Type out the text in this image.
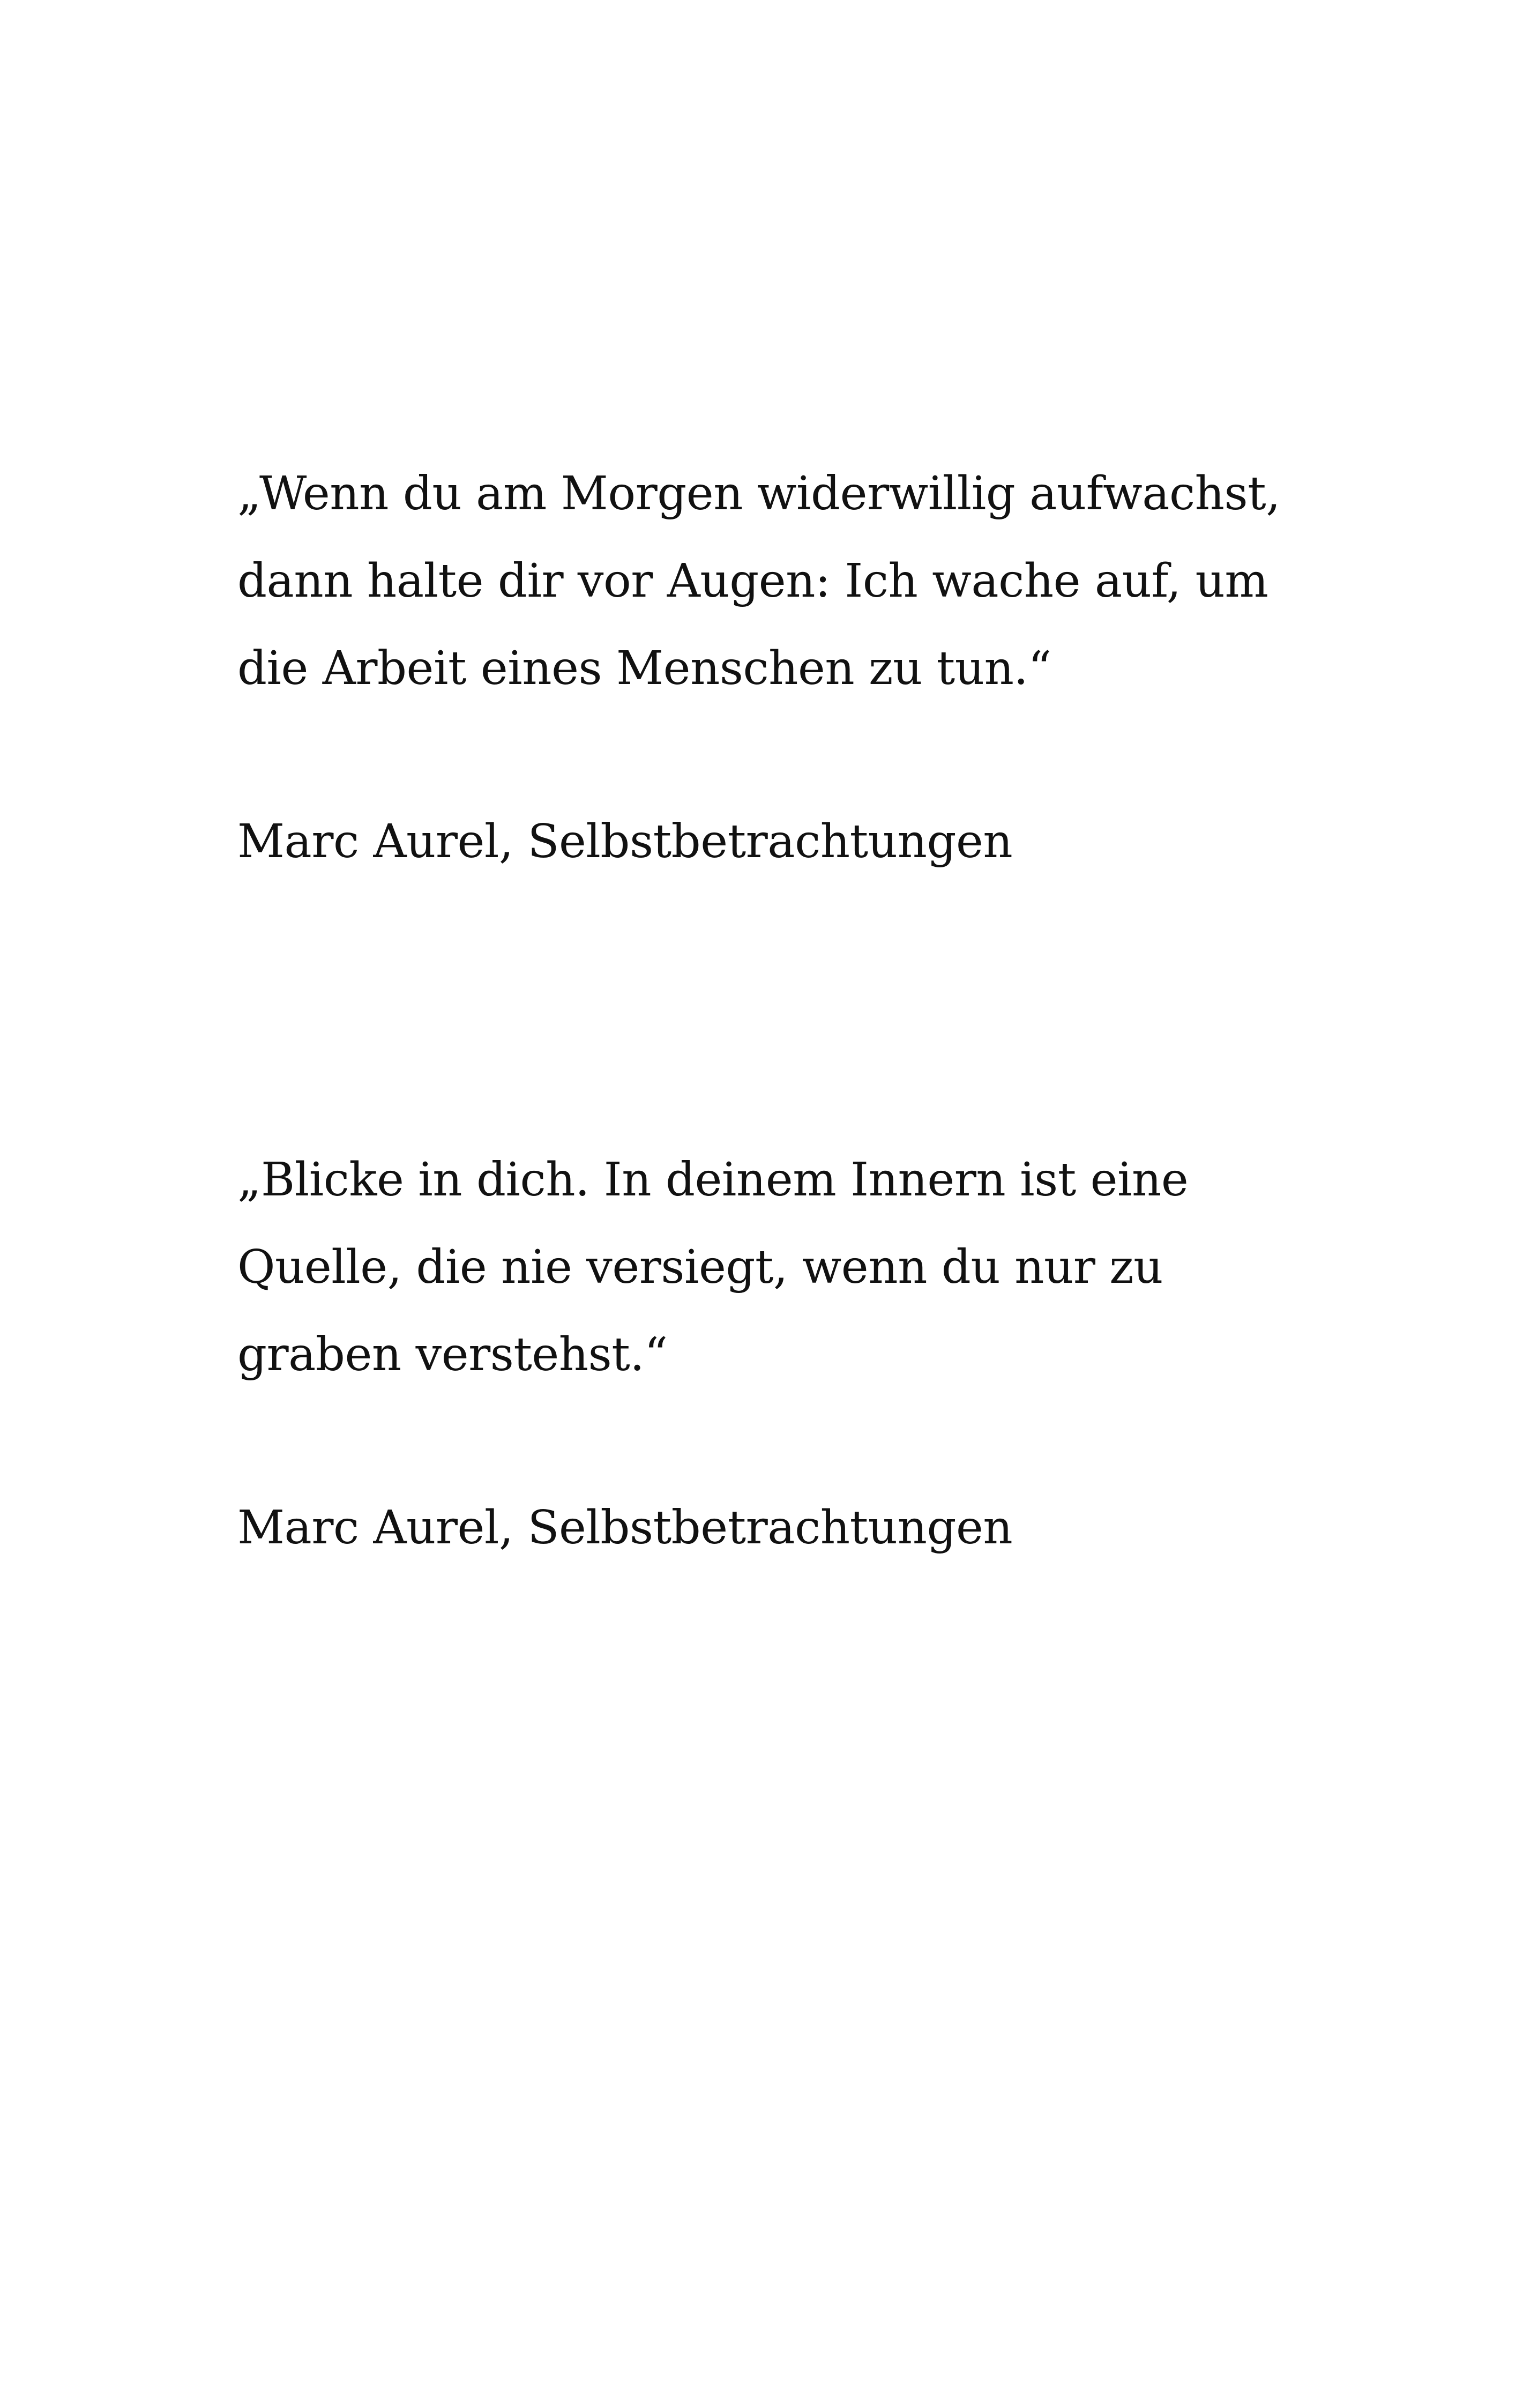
„Wenn du am Morgen widerwillig aufwachst,
dann halte dir vor Augen: Ich wache auf, um
die Arbeit eines Menschen zu tun.“
Marc Aurel, Selbstbetrachtungen
„Blicke in dich. In deinem Innern ist eine
Quelle, die nie versiegt, wenn du nur zu
graben verstehst.“
Marc Aurel, Selbstbetrachtungen
